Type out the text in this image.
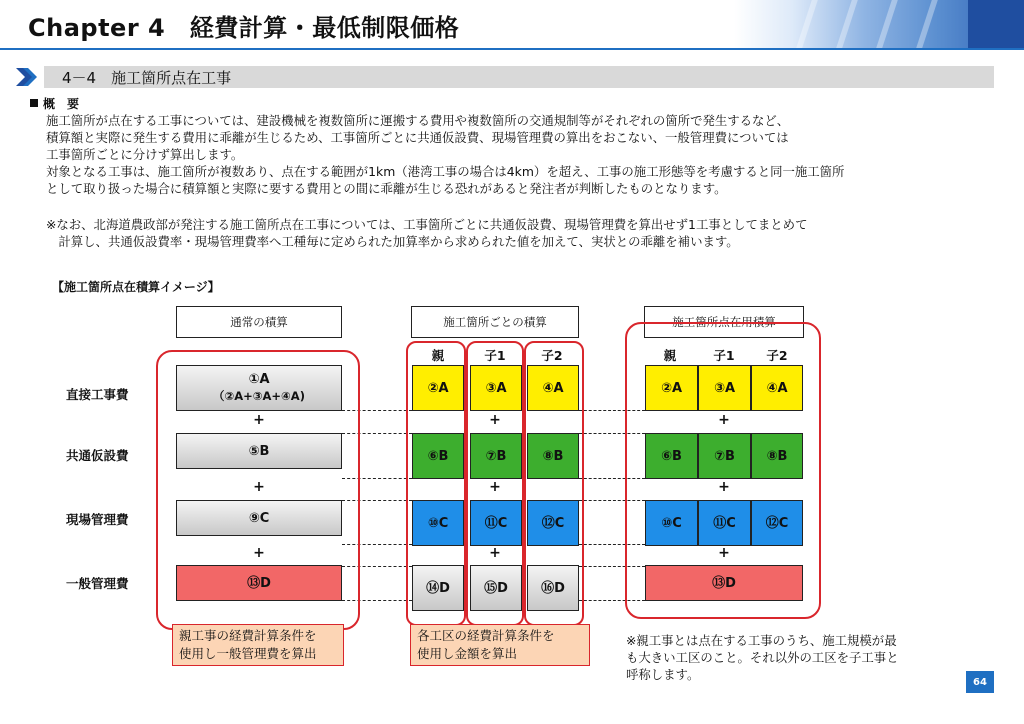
Chapter 4　経費計算・最低制限価格
4－4　施工箇所点在工事
概　要
施工箇所が点在する工事については、建設機械を複数箇所に運搬する費用や複数箇所の交通規制等がそれぞれの箇所で発生するなど、
積算額と実際に発生する費用に乖離が生じるため、工事箇所ごとに共通仮設費、現場管理費の算出をおこない、一般管理費については
工事箇所ごとに分けず算出します。
対象となる工事は、施工箇所が複数あり、点在する範囲が1km（港湾工事の場合は4km）を超え、工事の施工形態等を考慮すると同一施工箇所
として取り扱った場合に積算額と実際に要する費用との間に乖離が生じる恐れがあると発注者が判断したものとなります。
※なお、北海道農政部が発注する施工箇所点在工事については、工事箇所ごとに共通仮設費、現場管理費を算出せず1工事としてまとめて
　計算し、共通仮設費率・現場管理費率へ工種毎に定められた加算率から求められた値を加えて、実状との乖離を補います。
【施工箇所点在積算イメージ】
通常の積算	施工箇所ごとの積算	施工箇所点在用積算
親	子1	子2	親	子1	子2
直接工事費
共通仮設費
現場管理費
一般管理費
①A
（②A+③A+④A)
⑤B
⑨C
⑬D
+
+
+
②A	③A	④A
⑥B	⑦B	⑧B
⑩C	⑪C	⑫C
⑭D	⑮D	⑯D
+
+
+
②A	③A	④A
⑥B	⑦B	⑧B
⑩C	⑪C	⑫C
⑬D
+
+
+
親工事の経費計算条件を
使用し一般管理費を算出
各工区の経費計算条件を
使用し金額を算出
※親工事とは点在する工事のうち、施工規模が最
も大きい工区のこと。それ以外の工区を子工事と
呼称します。	64
